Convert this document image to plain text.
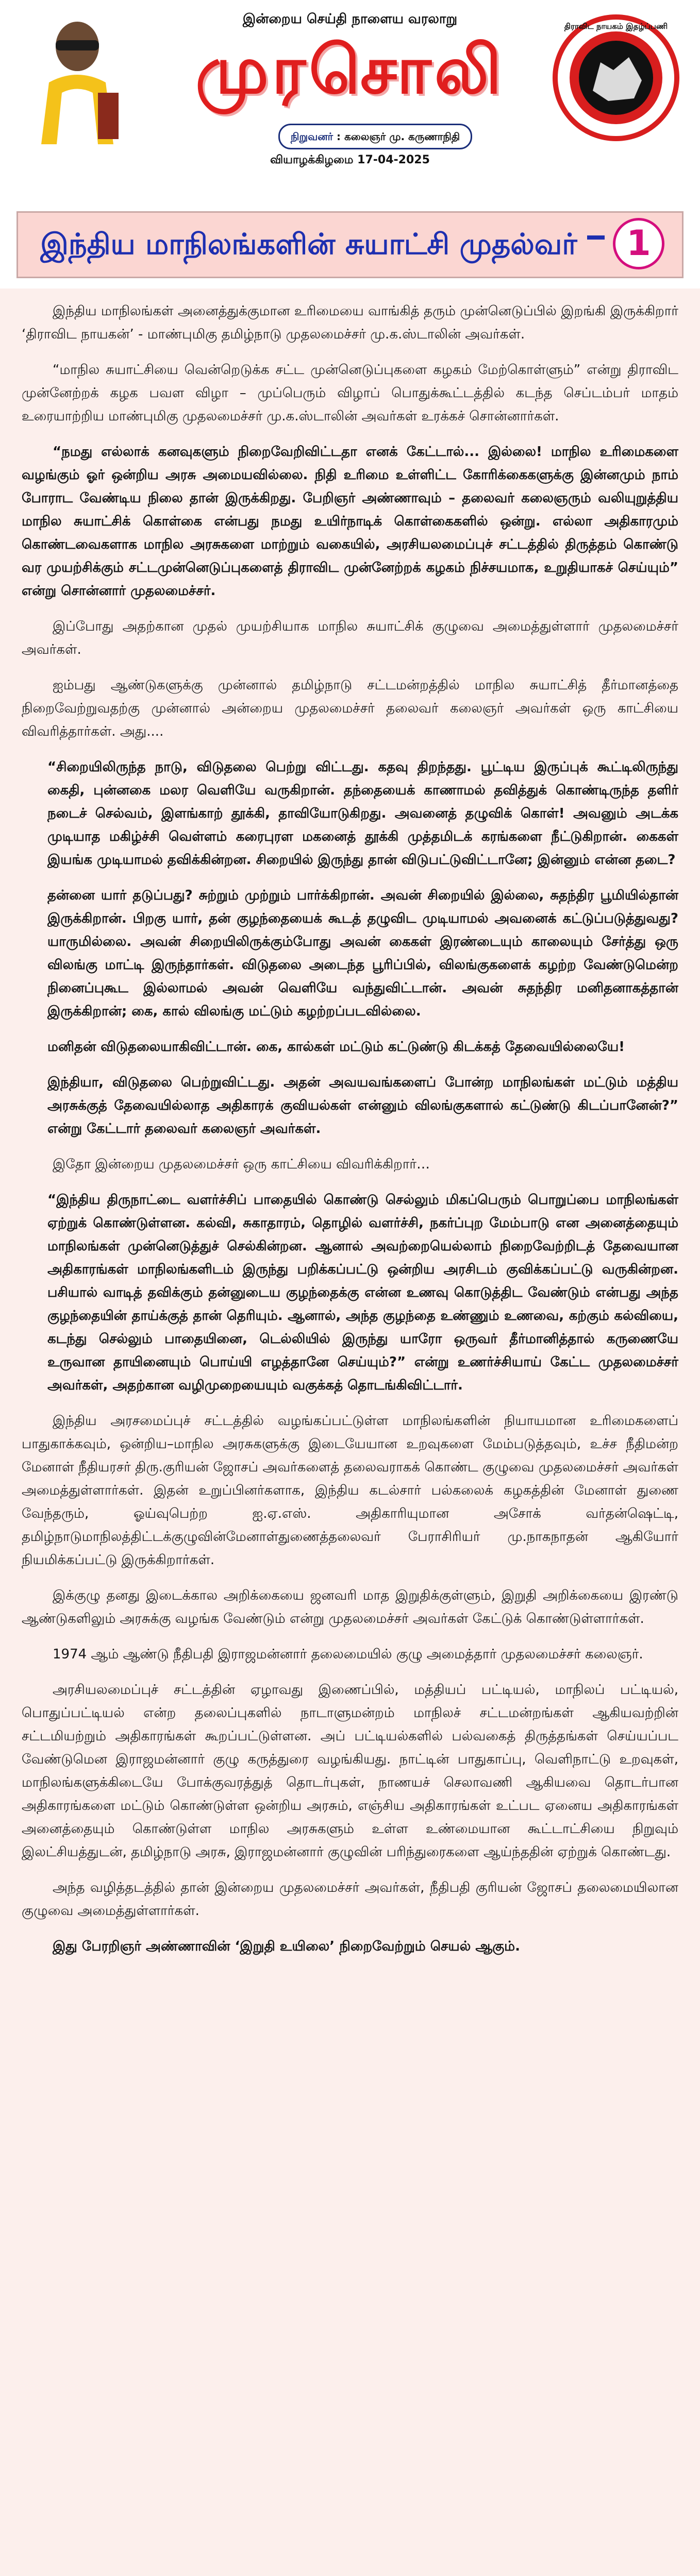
இன்றைய செய்தி நாளைய வரலாறு
முரசொலி
நிறுவனர் : கலைஞர் மு. கருணாநிதி
திராவிட நாயகம் இதழ்ப்பணி
வியாழக்கிழமை 17-04-2025
இந்திய மாநிலங்களின் சுயாட்சி முதல்வர்	1

இந்திய மாநிலங்கள் அனைத்துக்குமான உரிமையை வாங்கித் தரும் முன்னெடுப்பில் இறங்கி இருக்கிறார் ‘திராவிட நாயகன்’ - மாண்புமிகு தமிழ்நாடு முதலமைச்சர் மு.க.ஸ்டாலின் அவர்கள்.

“மாநில சுயாட்சியை வென்றெடுக்க சட்ட முன்னெடுப்புகளை கழகம் மேற்கொள்ளும்” என்று திராவிட முன்னேற்றக் கழக பவள விழா – முப்பெரும் விழாப் பொதுக்கூட்டத்தில் கடந்த செப்டம்பர் மாதம் உரையாற்றிய மாண்புமிகு முதலமைச்சர் மு.க.ஸ்டாலின் அவர்கள் உரக்கச் சொன்னார்கள்.

“நமது எல்லாக் கனவுகளும் நிறைவேறிவிட்டதா எனக் கேட்டால்... இல்லை! மாநில உரிமைகளை வழங்கும் ஓர் ஒன்றிய அரசு அமையவில்லை. நிதி உரிமை உள்ளிட்ட கோரிக்கைகளுக்கு இன்னமும் நாம் போராட வேண்டிய நிலை தான் இருக்கிறது. பேறிஞர் அண்ணாவும் – தலைவர் கலைஞரும் வலியுறுத்திய மாநில சுயாட்சிக் கொள்கை என்பது நமது உயிர்நாடிக் கொள்கைகளில் ஒன்று. எல்லா அதிகாரமும் கொண்டவைகளாக மாநில அரசுகளை மாற்றும் வகையில், அரசியலமைப்புச் சட்டத்தில் திருத்தம் கொண்டு வர முயற்சிக்கும் சட்டமுன்னெடுப்புகளைத் திராவிட முன்னேற்றக் கழகம் நிச்சயமாக, உறுதியாகச் செய்யும்” என்று சொன்னார் முதலமைச்சர்.

இப்போது அதற்கான முதல் முயற்சியாக மாநில சுயாட்சிக் குழுவை அமைத்துள்ளார் முதலமைச்சர் அவர்கள்.

ஐம்பது ஆண்டுகளுக்கு முன்னால் தமிழ்நாடு சட்டமன்றத்தில் மாநில சுயாட்சித் தீர்மானத்தை நிறைவேற்றுவதற்கு முன்னால் அன்றைய முதலமைச்சர் தலைவர் கலைஞர் அவர்கள் ஒரு காட்சியை விவரித்தார்கள். அது....

“சிறையிலிருந்த நாடு, விடுதலை பெற்று விட்டது. கதவு திறந்தது. பூட்டிய இருப்புக் கூட்டிலிருந்து கைதி, புன்னகை மலர வெளியே வருகிறான். தந்தையைக் காணாமல் தவித்துக் கொண்டிருந்த தளிர் நடைச் செல்வம், இளங்காற் தூக்கி, தாவியோடுகிறது. அவனைத் தழுவிக் கொள்! அவனும் அடக்க முடியாத மகிழ்ச்சி வெள்ளம் கரைபுரள மகனைத் தூக்கி முத்தமிடக் கரங்களை நீட்டுகிறான். கைகள் இயங்க முடியாமல் தவிக்கின்றன. சிறையில் இருந்து தான் விடுபட்டுவிட்டானே; இன்னும் என்ன தடை?

தன்னை யார் தடுப்பது? சுற்றும் முற்றும் பார்க்கிறான். அவன் சிறையில் இல்லை, சுதந்திர பூமியில்தான் இருக்கிறான். பிறகு யார், தன் குழந்தையைக் கூடத் தழுவிட முடியாமல் அவனைக் கட்டுப்படுத்துவது? யாருமில்லை. அவன் சிறையிலிருக்கும்போது அவன் கைகள் இரண்டையும் காலையும் சேர்த்து ஒரு விலங்கு மாட்டி இருந்தார்கள். விடுதலை அடைந்த பூரிப்பில், விலங்குகளைக் கழற்ற வேண்டுமென்ற நினைப்புகூட இல்லாமல் அவன் வெளியே வந்துவிட்டான். அவன் சுதந்திர மனிதனாகத்தான் இருக்கிறான்; கை, கால் விலங்கு மட்டும் கழற்றப்படவில்லை.

மனிதன் விடுதலையாகிவிட்டான். கை, கால்கள் மட்டும் கட்டுண்டு கிடக்கத் தேவையில்லையே!

இந்தியா, விடுதலை பெற்றுவிட்டது. அதன் அவயவங்களைப் போன்ற மாநிலங்கள் மட்டும் மத்திய அரசுக்குத் தேவையில்லாத அதிகாரக் குவியல்கள் என்னும் விலங்குகளால் கட்டுண்டு கிடப்பானேன்?” என்று கேட்டார் தலைவர் கலைஞர் அவர்கள்.

இதோ இன்றைய முதலமைச்சர் ஒரு காட்சியை விவரிக்கிறார்…

“இந்திய திருநாட்டை வளர்ச்சிப் பாதையில் கொண்டு செல்லும் மிகப்பெரும் பொறுப்பை மாநிலங்கள் ஏற்றுக் கொண்டுள்ளன. கல்வி, சுகாதாரம், தொழில் வளர்ச்சி, நகர்ப்புற மேம்பாடு என அனைத்தையும் மாநிலங்கள் முன்னெடுத்துச் செல்கின்றன. ஆனால் அவற்றையெல்லாம் நிறைவேற்றிடத் தேவையான அதிகாரங்கள் மாநிலங்களிடம் இருந்து பறிக்கப்பட்டு ஒன்றிய அரசிடம் குவிக்கப்பட்டு வருகின்றன. பசியால் வாடித் தவிக்கும் தன்னுடைய குழந்தைக்கு என்ன உணவு கொடுத்திட வேண்டும் என்பது அந்த குழந்தையின் தாய்க்குத் தான் தெரியும். ஆனால், அந்த குழந்தை உண்ணும் உணவை, கற்கும் கல்வியை, கடந்து செல்லும் பாதையினை, டெல்லியில் இருந்து யாரோ ஒருவர் தீர்மானித்தால் கருணையே உருவான தாயினையும் பொய்யி எழத்தானே செய்யும்?” என்று உணர்ச்சியாய் கேட்ட முதலமைச்சர் அவர்கள், அதற்கான வழிமுறையையும் வகுக்கத் தொடங்கிவிட்டார்.

இந்திய அரசமைப்புச் சட்டத்தில் வழங்கப்பட்டுள்ள மாநிலங்களின் நியாயமான உரிமைகளைப் பாதுகாக்கவும், ஒன்றிய–மாநில அரசுகளுக்கு இடையேயான உறவுகளை மேம்படுத்தவும், உச்ச நீதிமன்ற மேனாள் நீதியரசர் திரு.குரியன் ஜோசப் அவர்களைத் தலைவராகக் கொண்ட குழுவை முதலமைச்சர் அவர்கள் அமைத்துள்ளார்கள். இதன் உறுப்பினர்களாக, இந்திய கடல்சார் பல்கலைக் கழகத்தின் மேனாள் துணை வேந்தரும், ஓய்வுபெற்ற ஐ.ஏ.எஸ். அதிகாரியுமான அசோக் வர்தன்ஷெட்டி, தமிழ்நாடுமாநிலத்திட்டக்குழுவின்மேனாள்துணைத்தலைவர் பேராசிரியர் மு.நாகநாதன் ஆகியோர் நியமிக்கப்பட்டு இருக்கிறார்கள்.

இக்குழு தனது இடைக்கால அறிக்கையை ஜனவரி மாத இறுதிக்குள்ளும், இறுதி அறிக்கையை இரண்டு ஆண்டுகளிலும் அரசுக்கு வழங்க வேண்டும் என்று முதலமைச்சர் அவர்கள் கேட்டுக் கொண்டுள்ளார்கள்.

1974 ஆம் ஆண்டு நீதிபதி இராஜமன்னார் தலைமையில் குழு அமைத்தார் முதலமைச்சர் கலைஞர்.

அரசியலமைப்புச் சட்டத்தின் ஏழாவது இணைப்பில், மத்தியப் பட்டியல், மாநிலப் பட்டியல், பொதுப்பட்டியல் என்ற தலைப்புகளில் நாடாளுமன்றம் மாநிலச் சட்டமன்றங்கள் ஆகியவற்றின் சட்டமியற்றும் அதிகாரங்கள் கூறப்பட்டுள்ளன. அப் பட்டியல்களில் பல்வகைத் திருத்தங்கள் செய்யப்பட வேண்டுமென இராஜமன்னார் குழு கருத்துரை வழங்கியது. நாட்டின் பாதுகாப்பு, வெளிநாட்டு உறவுகள், மாநிலங்களுக்கிடையே போக்குவரத்துத் தொடர்புகள், நாணயச் செலாவணி ஆகியவை தொடர்பான அதிகாரங்களை மட்டும் கொண்டுள்ள ஒன்றிய அரசும், எஞ்சிய அதிகாரங்கள் உட்பட ஏனைய அதிகாரங்கள் அனைத்தையும் கொண்டுள்ள மாநில அரசுகளும் உள்ள உண்மையான கூட்டாட்சியை நிறுவும் இலட்சியத்துடன், தமிழ்நாடு அரசு, இராஜமன்னார் குழுவின் பரிந்துரைகளை ஆய்ந்ததின் ஏற்றுக் கொண்டது.

அந்த வழித்தடத்தில் தான் இன்றைய முதலமைச்சர் அவர்கள், நீதிபதி குரியன் ஜோசப் தலைமையிலான குழுவை அமைத்துள்ளார்கள்.

இது பேரறிஞர் அண்ணாவின் ‘இறுதி உயிலை’ நிறைவேற்றும் செயல் ஆகும்.
